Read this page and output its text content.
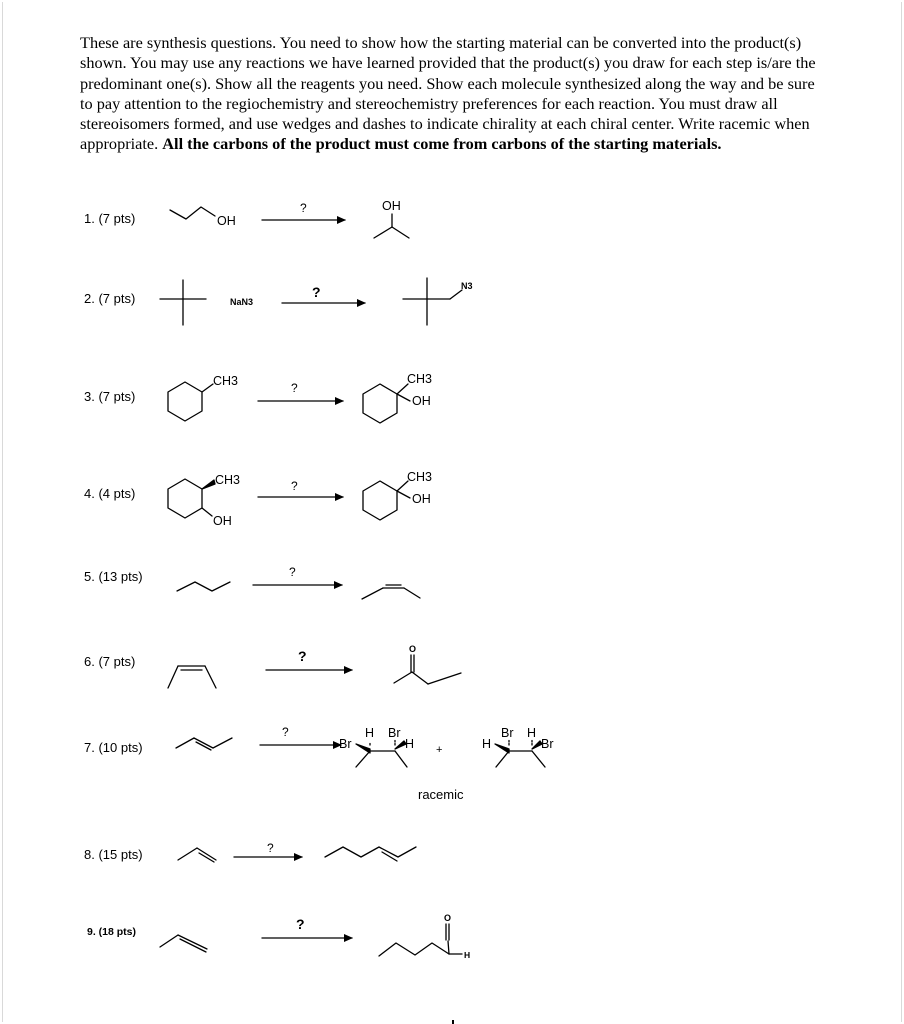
These are synthesis questions. You need to show how the starting material can be converted into the product(s) shown. You may use any reactions we have learned provided that the product(s) you draw for each step is/are the predominant one(s). Show all the reagents you need. Show each molecule synthesized along the way and be sure to pay attention to the regiochemistry and stereochemistry preferences for each reaction. You must draw all stereoisomers formed, and use wedges and dashes to indicate chirality at each chiral center. Write racemic when appropriate. All the carbons of the product must come from carbons of the starting materials.
1. (7 pts)
2. (7 pts)
3. (7 pts)
4. (4 pts)
5. (13 pts)
6. (7 pts)
7. (10 pts)
8. (15 pts)
9. (18 pts)
OH
?	OH
NaN3
?	N3
CH3	?
CH3
OH
CH3
OH
?
CH3
OH
?
?	O
?	H Br
Br	H +
Br H
H	Br
racemic
?
?	O
H
